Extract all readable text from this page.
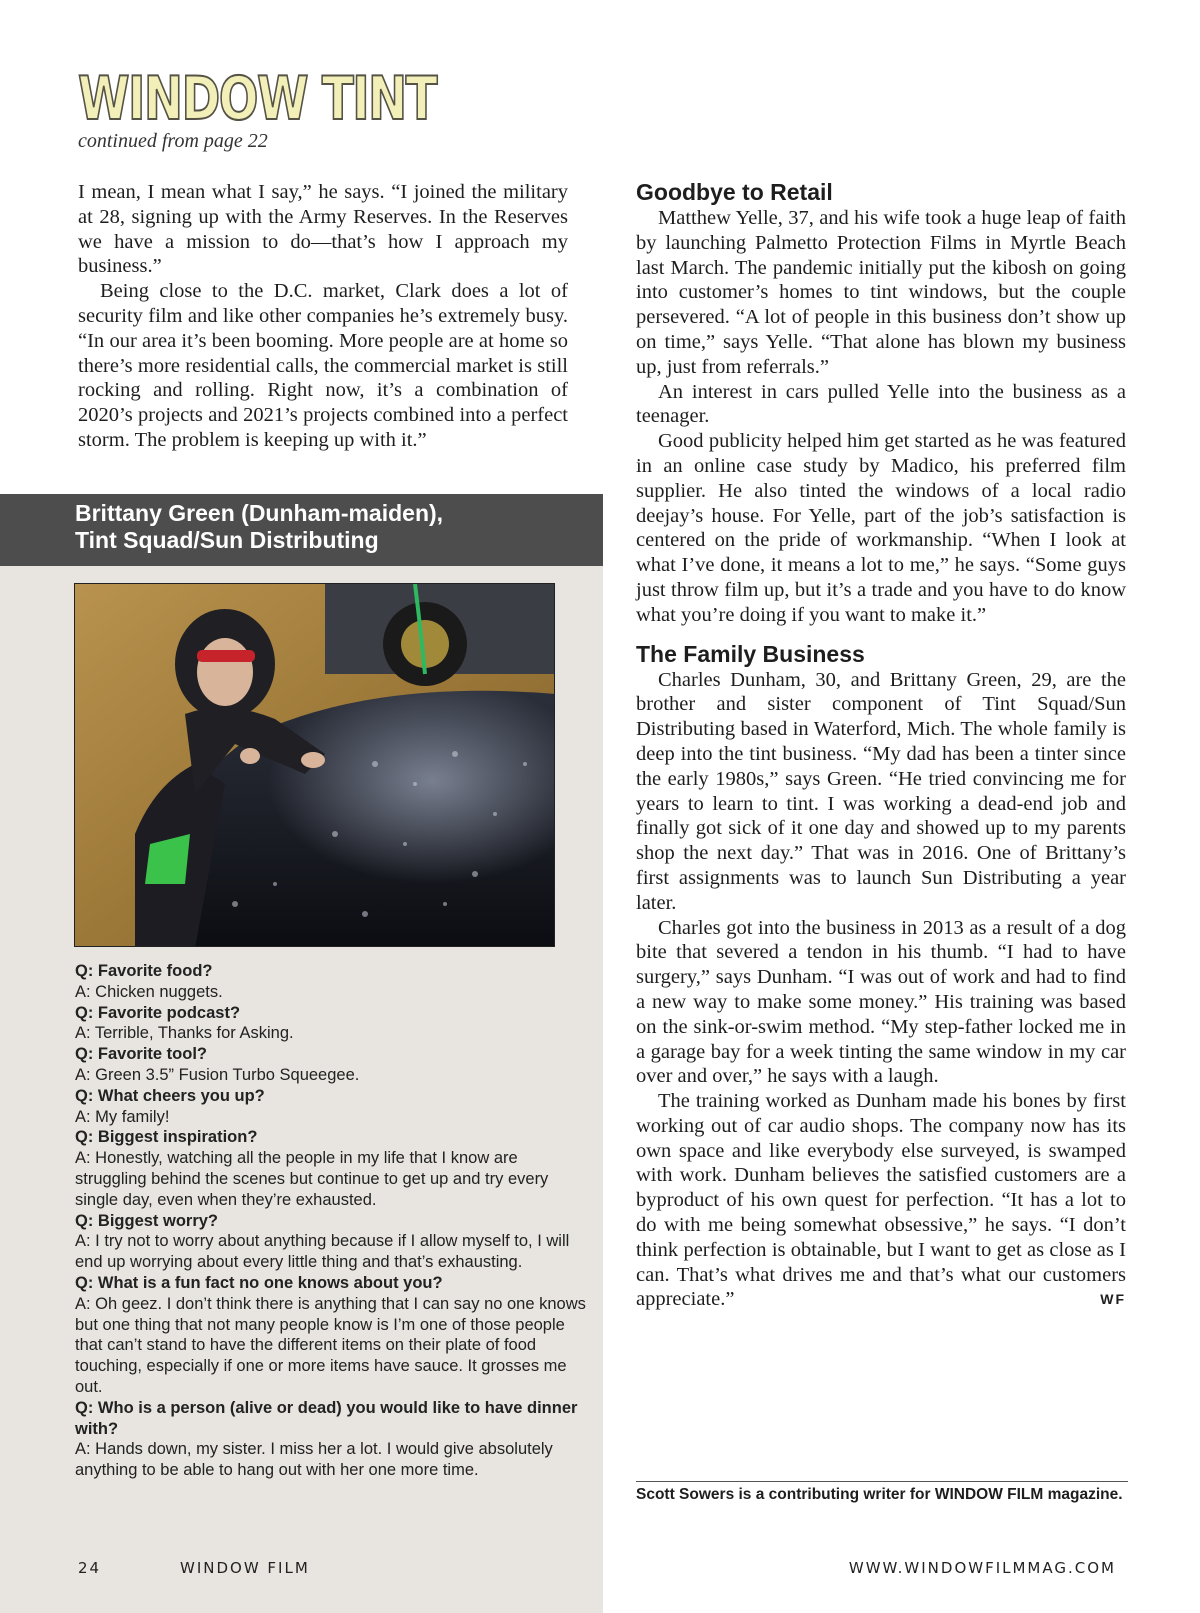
WINDOW TINT
continued from page 22

I mean, I mean what I say,” he says. “I joined the military at 28, signing up with the Army Reserves. In the Reserves we have a mission to do—that’s how I approach my business.”

Being close to the D.C. market, Clark does a lot of security film and like other companies he’s extremely busy. “In our area it’s been booming. More people are at home so there’s more residential calls, the commercial market is still rocking and rolling. Right now, it’s a combination of 2020’s projects and 2021’s projects combined into a perfect storm. The problem is keeping up with it.”

Brittany Green (Dunham-maiden),
Tint Squad/Sun Distributing
Q: Favorite food?
A: Chicken nuggets.
Q: Favorite podcast?
A: Terrible, Thanks for Asking.
Q: Favorite tool?
A: Green 3.5” Fusion Turbo Squeegee.
Q: What cheers you up?
A: My family!
Q: Biggest inspiration?
A: Honestly, watching all the people in my life that I know are struggling behind the scenes but continue to get up and try every single day, even when they’re exhausted.
Q: Biggest worry?
A: I try not to worry about anything because if I allow myself to, I will end up worrying about every little thing and that’s exhausting.
Q: What is a fun fact no one knows about you?
A: Oh geez. I don’t think there is anything that I can say no one knows but one thing that not many people know is I’m one of those people that can’t stand to have the different items on their plate of food touching, especially if one or more items have sauce. It grosses me out.
Q: Who is a person (alive or dead) you would like to have dinner with?
A: Hands down, my sister. I miss her a lot. I would give absolutely anything to be able to hang out with her one more time.
Goodbye to Retail

Matthew Yelle, 37, and his wife took a huge leap of faith by launching Palmetto Protection Films in Myrtle Beach last March. The pandemic initially put the kibosh on going into customer’s homes to tint windows, but the couple persevered. “A lot of people in this business don’t show up on time,” says Yelle. “That alone has blown my business up, just from referrals.”

An interest in cars pulled Yelle into the business as a teenager.

Good publicity helped him get started as he was featured in an online case study by Madico, his preferred film supplier. He also tinted the windows of a local radio deejay’s house. For Yelle, part of the job’s satisfaction is centered on the pride of workmanship. “When I look at what I’ve done, it means a lot to me,” he says. “Some guys just throw film up, but it’s a trade and you have to do know what you’re doing if you want to make it.”

The Family Business

Charles Dunham, 30, and Brittany Green, 29, are the brother and sister component of Tint Squad/Sun Distributing based in Waterford, Mich. The whole family is deep into the tint business. “My dad has been a tinter since the early 1980s,” says Green. “He tried convincing me for years to learn to tint. I was working a dead-end job and finally got sick of it one day and showed up to my parents shop the next day.” That was in 2016. One of Brittany’s first assignments was to launch Sun Distributing a year later.

Charles got into the business in 2013 as a result of a dog bite that severed a tendon in his thumb. “I had to have surgery,” says Dunham. “I was out of work and had to find a new way to make some money.” His training was based on the sink-or-swim method. “My step-father locked me in a garage bay for a week tinting the same window in my car over and over,” he says with a laugh.

The training worked as Dunham made his bones by first working out of car audio shops. The company now has its own space and like everybody else surveyed, is swamped with work. Dunham believes the satisfied customers are a byproduct of his own quest for perfection. “It has a lot to do with me being somewhat obsessive,” he says. “I don’t think perfection is obtainable, but I want to get as close as I can. That’s what drives me and that’s what our customers appreciate.”	WF

Scott Sowers is a contributing writer for WINDOW FILM magazine.
24	WINDOW FILM	WWW.WINDOWFILMMAG.COM
